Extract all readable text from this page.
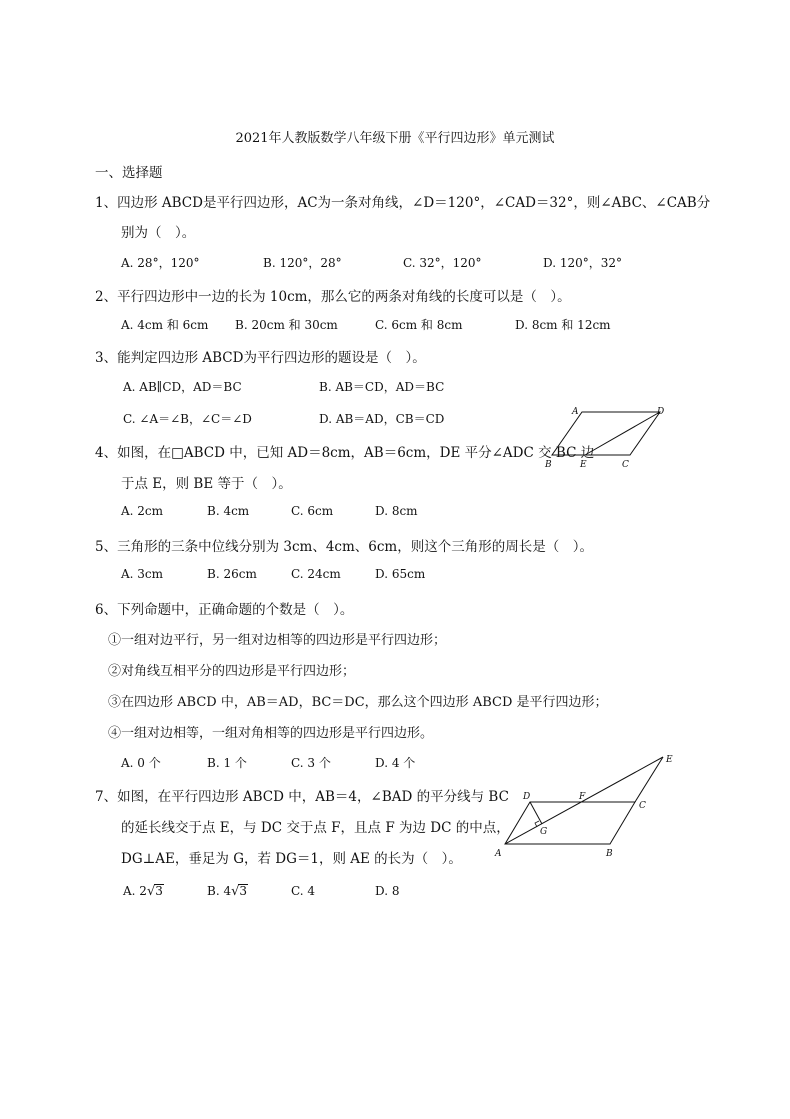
2021年人教版数学八年级下册《平行四边形》单元测试
一、选择题
1、四边形 ABCD是平行四边形，AC为一条对角线，∠D＝120°，∠CAD＝32°，则∠ABC、∠CAB分
别为（　）。
A. 28°，120°	B. 120°，28°	C. 32°，120°	D. 120°，32°
2、平行四边形中一边的长为 10cm，那么它的两条对角线的长度可以是（　）。
A. 4cm 和 6cm B. 20cm 和 30cm	C. 6cm 和 8cm	D. 8cm 和 12cm
3、能判定四边形 ABCD为平行四边形的题设是（　）。
A. AB∥CD，AD＝BC	B. AB＝CD，AD＝BC
C. ∠A＝∠B，∠C＝∠D	D. AB＝AD，CB＝CD	A	D
B	E	C
4、如图，在□ABCD 中，已知 AD＝8cm，AB＝6cm，DE 平分∠ADC 交 BC 边
于点 E，则 BE 等于（　）。
A. 2cm	B. 4cm	C. 6cm	D. 8cm
5、三角形的三条中位线分别为 3cm、4cm、6cm，则这个三角形的周长是（　）。
A. 3cm	B. 26cm	C. 24cm	D. 65cm
6、下列命题中，正确命题的个数是（　）。
①一组对边平行，另一组对边相等的四边形是平行四边形；
②对角线互相平分的四边形是平行四边形；
③在四边形 ABCD 中，AB＝AD，BC＝DC，那么这个四边形 ABCD 是平行四边形；
④一组对边相等，一组对角相等的四边形是平行四边形。
A. 0 个	B. 1 个	C. 3 个	D. 4 个
D	F
C
E
G
A	B
7、如图，在平行四边形 ABCD 中，AB＝4，∠BAD 的平分线与 BC
的延长线交于点 E，与 DC 交于点 F，且点 F 为边 DC 的中点，
DG⊥AE，垂足为 G，若 DG＝1，则 AE 的长为（　）。
A. 2√3	B. 4√3	C. 4	D. 8
